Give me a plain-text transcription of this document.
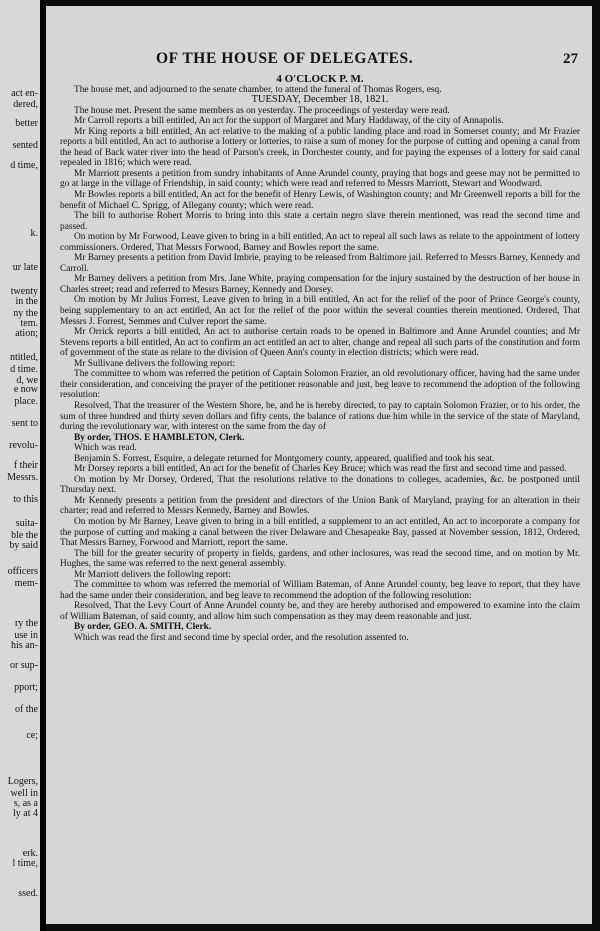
act en-
dered,
better
sented
d time,
k.
ur late
twenty
in the
ny the
tem.
ation;
ntitled,
d time.
d, we
e now
place.
sent to
revolu-
f their
Messrs.
to this
suita-
ble the
by said
officers
mem-
ry the
use in
his an-
or sup-
pport;
of the
ce;
Logers,
well in
s, as a
ly at 4
erk.
l time,
ssed.
OF THE HOUSE OF DELEGATES.	27

4 O'CLOCK P. M.

The house met, and adjourned to the senate chamber, to attend the funeral of Thomas Rogers, esq.

TUESDAY, December 18, 1821.

The house met. Present the same members as on yesterday. The proceedings of yesterday were read.

Mr Carroll reports a bill entitled, An act for the support of Margaret and Mary Haddaway, of the city of Annapolis.

Mr King reports a bill entitled, An act relative to the making of a public landing place and road in Somerset county; and Mr Frazier reports a bill entitled, An act to authorise a lottery or lotteries, to raise a sum of money for the purpose of cutting and opening a canal from the head of Back water river into the head of Parson's creek, in Dorchester county, and for paying the expenses of a lottery for said canal repealed in 1816; which were read.

Mr Marriott presents a petition from sundry inhabitants of Anne Arundel county, praying that hogs and geese may not be permitted to go at large in the village of Friendship, in said county; which were read and referred to Messrs Marriott, Stewart and Woodward.

Mr Bowles reports a bill entitled, An act for the benefit of Henry Lewis, of Washington county; and Mr Greenwell reports a bill for the benefit of Michael C. Sprigg, of Allegany county; which were read.

The bill to authorise Robert Morris to bring into this state a certain negro slave therein mentioned, was read the second time and passed.

On motion by Mr Forwood, Leave given to bring in a bill entitled, An act to repeal all such laws as relate to the appointment of lottery commissioners. Ordered, That Messrs Forwood, Barney and Bowles report the same.

Mr Barney presents a petition from David Imbrie, praying to be released from Baltimore jail. Referred to Messrs Barney, Kennedy and Carroll.

Mr Barney delivers a petition from Mrs. Jane White, praying compensation for the injury sustained by the destruction of her house in Charles street; read and referred to Messrs Barney, Kennedy and Dorsey.

On motion by Mr Julius Forrest, Leave given to bring in a bill entitled, An act for the relief of the poor of Prince George's county, being supplementary to an act entitled, An act for the relief of the poor within the several counties therein mentioned. Ordered, That Messrs J. Forrest, Semmes and Culver report the same.

Mr Orrick reports a bill entitled, An act to authorise certain roads to be opened in Baltimore and Anne Arundel counties; and Mr Stevens reports a bill entitled, An act to confirm an act entitled an act to alter, change and repeal all such parts of the constitution and form of government of the state as relate to the division of Queen Ann's county in election districts; which were read.

Mr Sullivane delivers the following report:

The committee to whom was referred the petition of Captain Solomon Frazier, an old revolutionary officer, having had the same under their consideration, and conceiving the prayer of the petitioner reasonable and just, beg leave to recommend the adoption of the following resolution:

Resolved, That the treasurer of the Western Shore, be, and he is hereby directed, to pay to captain Solomon Frazier, or to his order, the sum of three hundred and thirty seven dollars and fifty cents, the balance of rations due him while in the service of the state of Maryland, during the revolutionary war, with interest on the same from the day of

By order, THOS. E HAMBLETON, Clerk.

Which was read.

Benjamin S. Forrest, Esquire, a delegate returned for Montgomery county, appeared, qualified and took his seat.

Mr Dorsey reports a bill entitled, An act for the benefit of Charles Key Bruce; which was read the first and second time and passed.

On motion by Mr Dorsey, Ordered, That the resolutions relative to the donations to colleges, academies, &c. be postponed until Thursday next.

Mr Kennedy presents a petition from the president and directors of the Union Bank of Maryland, praying for an alteration in their charter; read and referred to Messrs Kennedy, Barney and Bowles.

On motion by Mr Barney, Leave given to bring in a bill entitled, a supplement to an act entitled, An act to incorporate a company for the purpose of cutting and making a canal between the river Delaware and Chesapeake Bay, passed at November session, 1812, Ordered, That Messrs Barney, Forwood and Marriott, report the same.

The bill for the greater security of property in fields, gardens, and other inclosures, was read the second time, and on motion by Mr. Hughes, the same was referred to the next general assembly.

Mr Marriott delivers the following report:

The committee to whom was referred the memorial of William Bateman, of Anne Arundel county, beg leave to report, that they have had the same under their consideration, and beg leave to recommend the adoption of the following resolution:

Resolved, That the Levy Court of Anne Arundel county be, and they are hereby authorised and empowered to examine into the claim of William Bateman, of said county, and allow him such compensation as they may deem reasonable and just.

By order, GEO. A. SMITH, Clerk.

Which was read the first and second time by special order, and the resolution assented to.
